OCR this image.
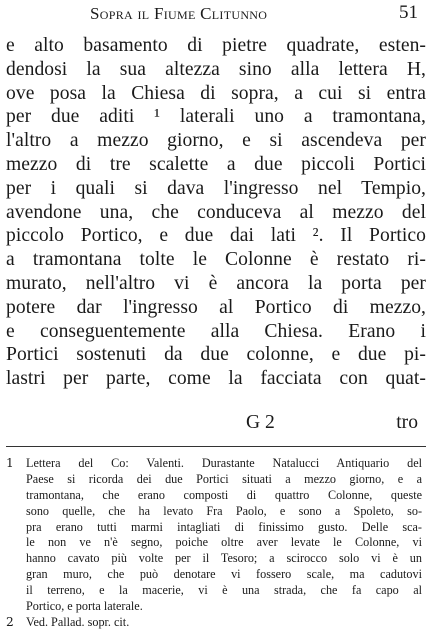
Sopra il Fiume Clitunno	51
e alto basamento di pietre quadrate, esten-
dendosi la sua altezza sino alla lettera H,
ove posa la Chiesa di sopra, a cui si entra
per due aditi ¹ laterali uno a tramontana,
l'altro a mezzo giorno, e si ascendeva per
mezzo di tre scalette a due piccoli Portici
per i quali si dava l'ingresso nel Tempio,
avendone una, che conduceva al mezzo del
piccolo Portico, e due dai lati ². Il Portico
a tramontana tolte le Colonne è restato ri-
murato, nell'altro vi è ancora la porta per
potere dar l'ingresso al Portico di mezzo,
e conseguentemente alla Chiesa. Erano i
Portici sostenuti da due colonne, e due pi-
lastri per parte, come la facciata con quat-
G 2	tro
1	Lettera del Co: Valenti. Durastante Natalucci Antiquario del
Paese si ricorda dei due Portici situati a mezzo giorno, e a
tramontana, che erano composti di quattro Colonne, queste
sono quelle, che ha levato Fra Paolo, e sono a Spoleto, so-
pra erano tutti marmi intagliati di finissimo gusto. Delle sca-
le non ve n'è segno, poiche oltre aver levate le Colonne, vi
hanno cavato più volte per il Tesoro; a scirocco solo vi è un
gran muro, che può denotare vi fossero scale, ma cadutovi
il terreno, e la macerie, vi è una strada, che fa capo al
Portico, e porta laterale.
2	Ved. Pallad. sopr. cit.
